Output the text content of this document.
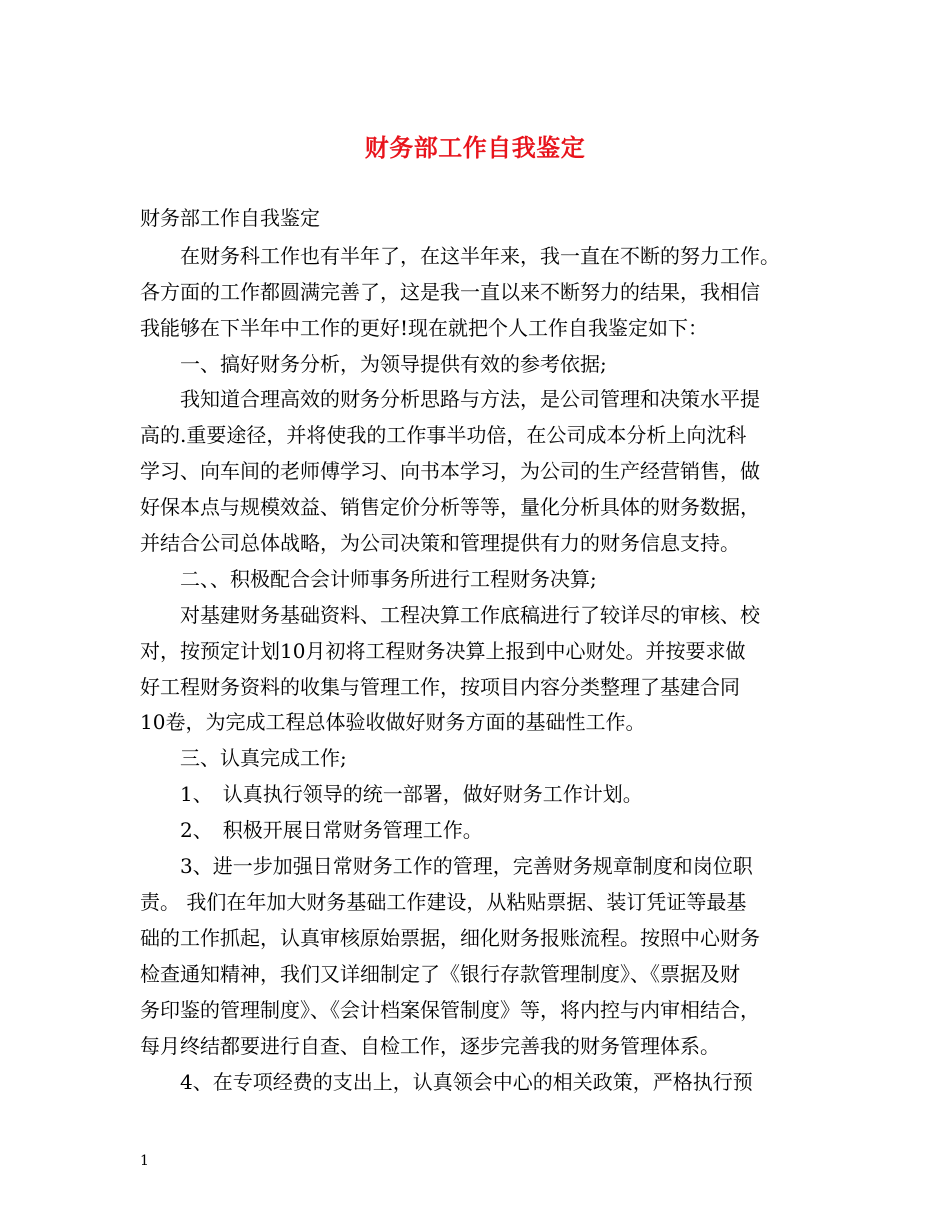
财务部工作自我鉴定
财务部工作自我鉴定
　　在财务科工作也有半年了，在这半年来，我一直在不断的努力工作。
各方面的工作都圆满完善了，这是我一直以来不断努力的结果，我相信
我能够在下半年中工作的更好!现在就把个人工作自我鉴定如下：
　　一、搞好财务分析，为领导提供有效的参考依据;
　　我知道合理高效的财务分析思路与方法，是公司管理和决策水平提
高的.重要途径，并将使我的工作事半功倍，在公司成本分析上向沈科
学习、向车间的老师傅学习、向书本学习，为公司的生产经营销售，做
好保本点与规模效益、销售定价分析等等，量化分析具体的财务数据，
并结合公司总体战略，为公司决策和管理提供有力的财务信息支持。
　　二、、积极配合会计师事务所进行工程财务决算;
　　对基建财务基础资料、工程决算工作底稿进行了较详尽的审核、校
对，按预定计划10月初将工程财务决算上报到中心财处。并按要求做
好工程财务资料的收集与管理工作，按项目内容分类整理了基建合同
10卷，为完成工程总体验收做好财务方面的基础性工作。
　　三、认真完成工作;
　　1、　认真执行领导的统一部署，做好财务工作计划。
　　2、　积极开展日常财务管理工作。
　　3、进一步加强日常财务工作的管理，完善财务规章制度和岗位职
责。 我们在年加大财务基础工作建设，从粘贴票据、装订凭证等最基
础的工作抓起，认真审核原始票据，细化财务报账流程。按照中心财务
检查通知精神，我们又详细制定了《银行存款管理制度》、《票据及财
务印鉴的管理制度》、《会计档案保管制度》等，将内控与内审相结合，
每月终结都要进行自查、自检工作，逐步完善我的财务管理体系。
　　4、在专项经费的支出上，认真领会中心的相关政策，严格执行预
1
